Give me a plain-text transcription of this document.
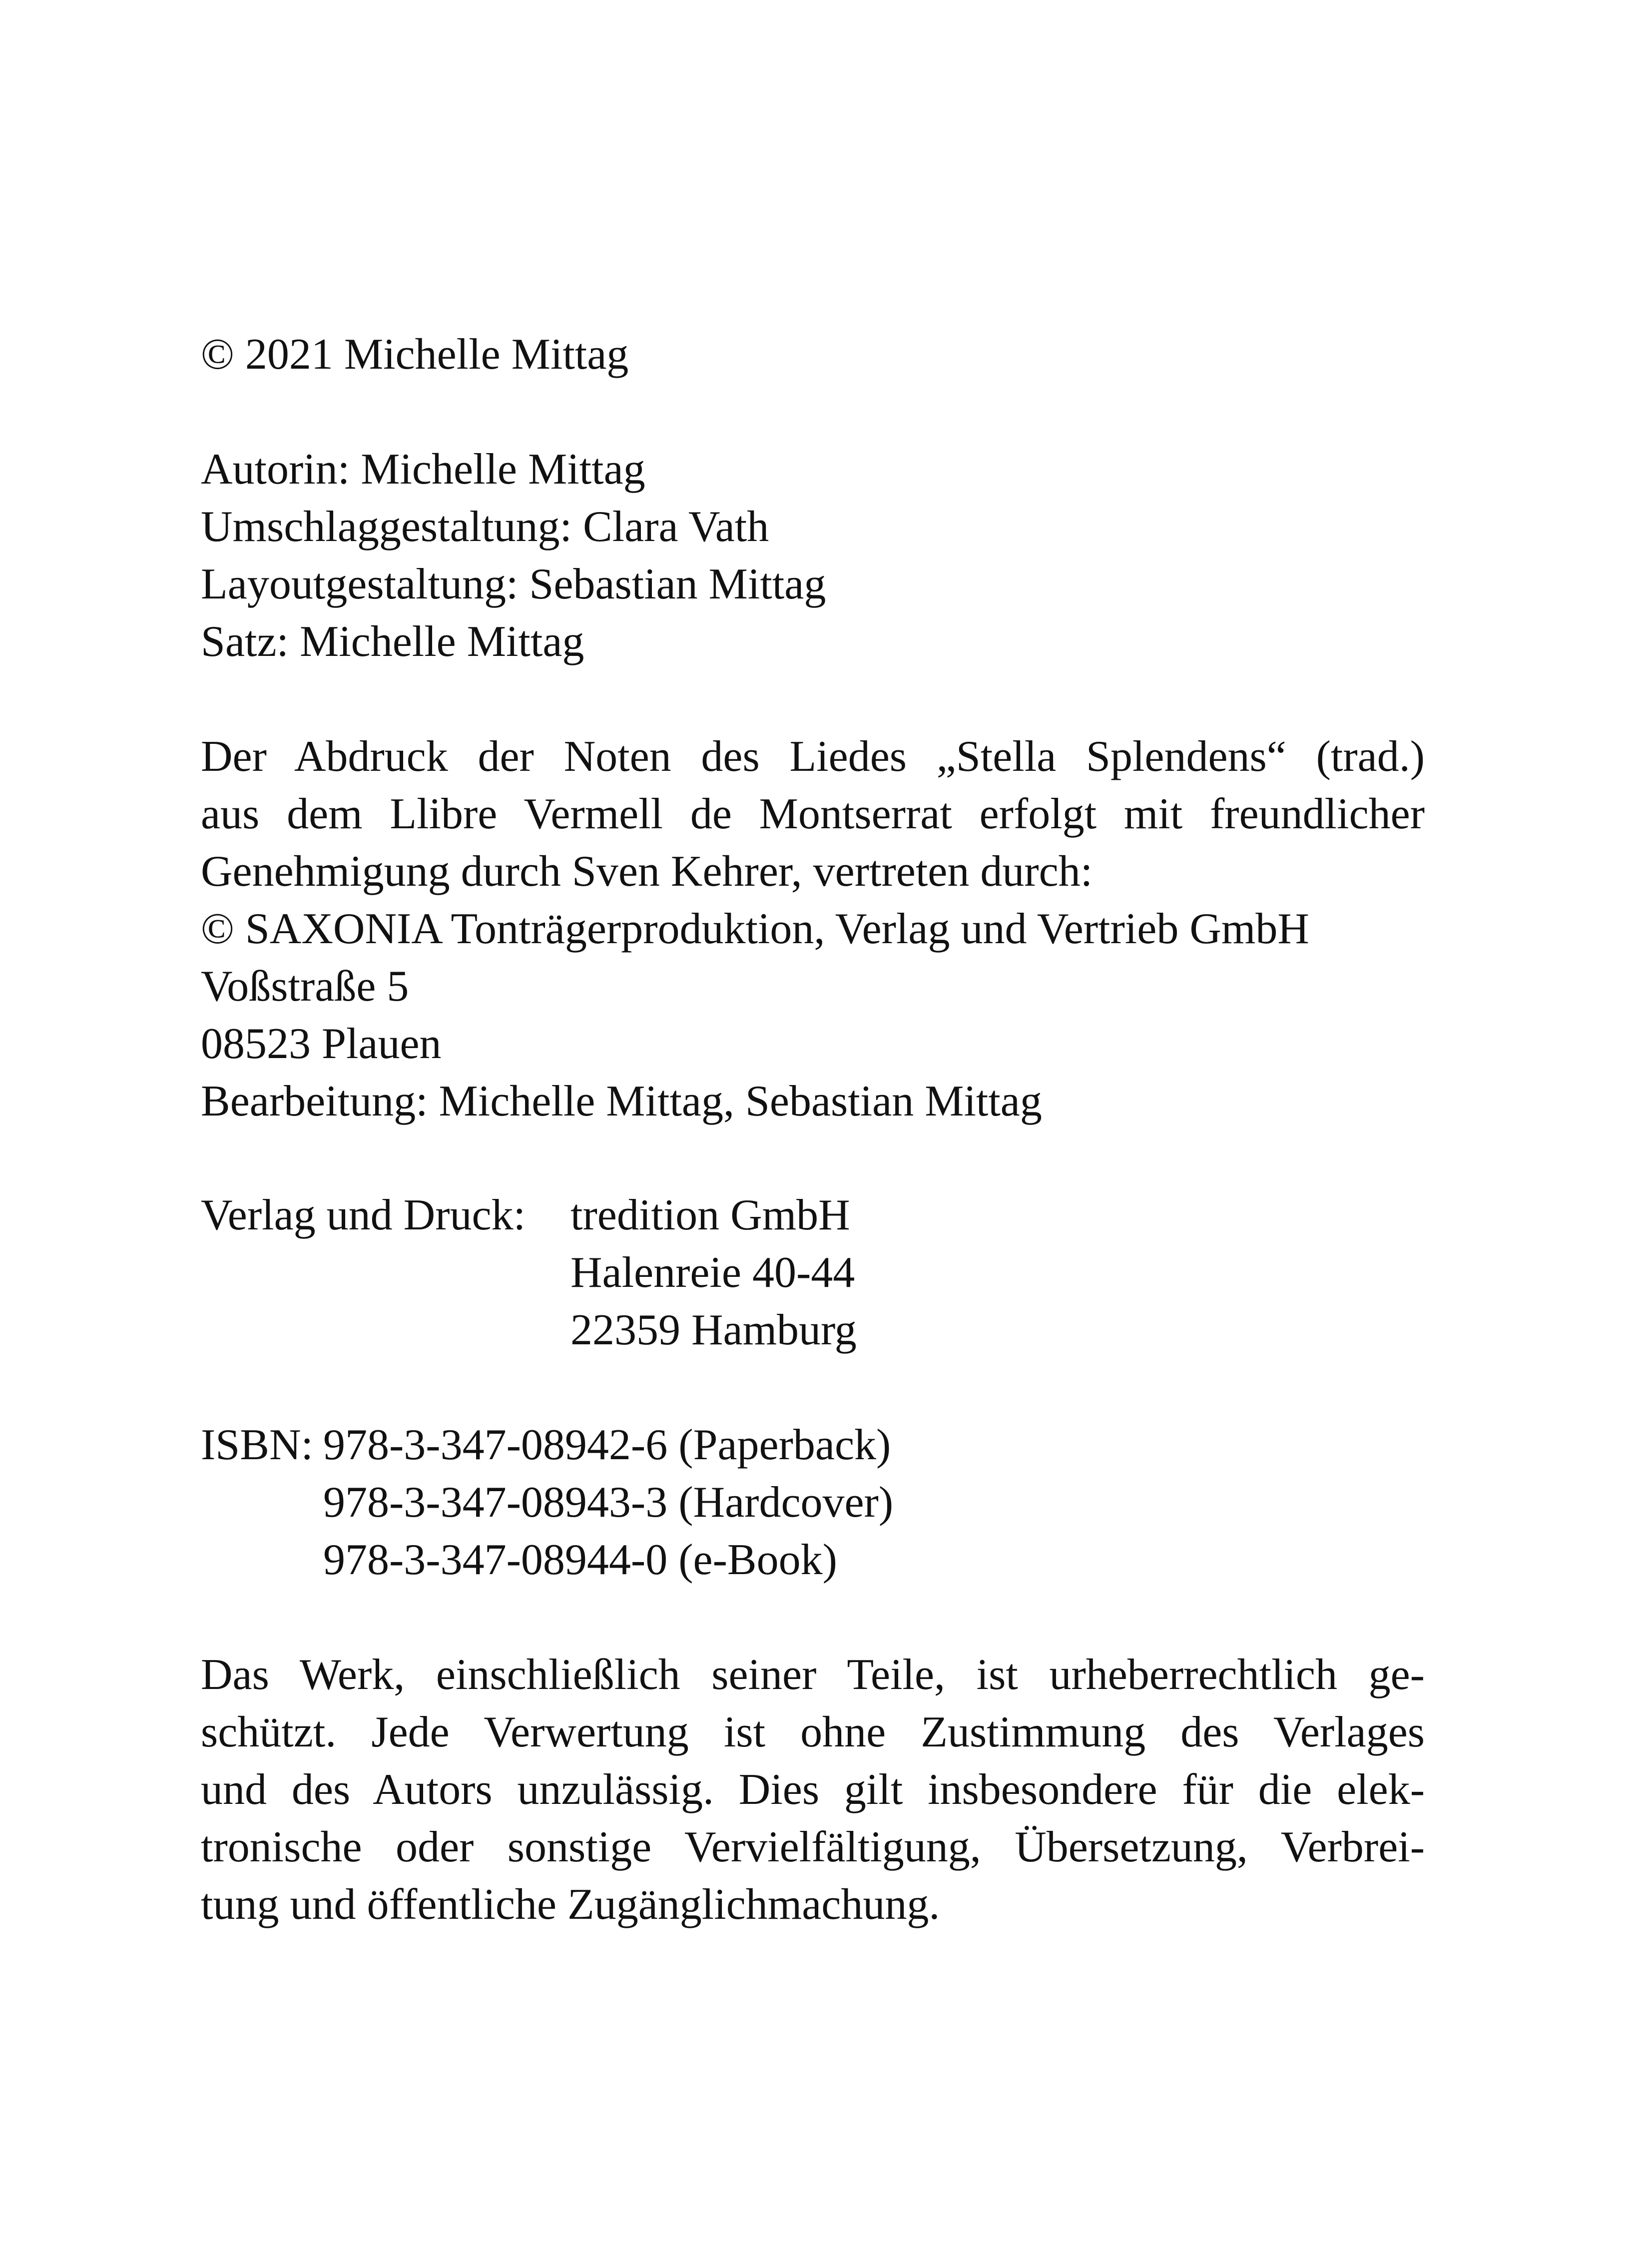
© 2021 Michelle Mittag
Autorin: Michelle Mittag
Umschlaggestaltung: Clara Vath
Layoutgestaltung: Sebastian Mittag
Satz: Michelle Mittag
Der Abdruck der Noten des Liedes „Stella Splendens“ (trad.)
aus dem Llibre Vermell de Montserrat erfolgt mit freundlicher
Genehmigung durch Sven Kehrer, vertreten durch:
© SAXONIA Tonträgerproduktion, Verlag und Vertrieb GmbH
Voßstraße 5
08523 Plauen
Bearbeitung: Michelle Mittag, Sebastian Mittag
Verlag und Druck:	tredition GmbH
Halenreie 40-44
22359 Hamburg
ISBN: 978-3-347-08942-6 (Paperback)
978-3-347-08943-3 (Hardcover)
978-3-347-08944-0 (e-Book)
Das Werk, einschließlich seiner Teile, ist urheberrechtlich ge-
schützt. Jede Verwertung ist ohne Zustimmung des Verlages
und des Autors unzulässig. Dies gilt insbesondere für die elek-
tronische oder sonstige Vervielfältigung, Übersetzung, Verbrei-
tung und öffentliche Zugänglichmachung.
